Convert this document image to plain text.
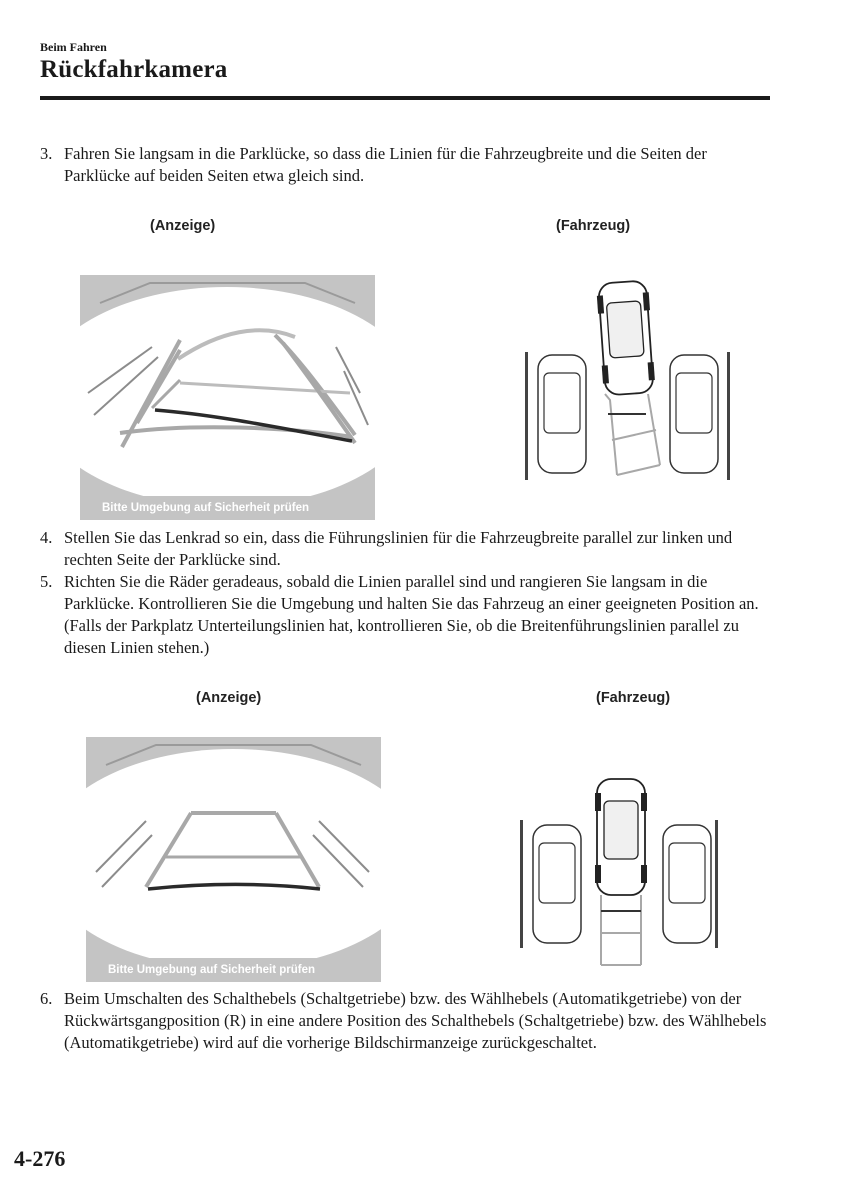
Beim Fahren
Rückfahrkamera
3. Fahren Sie langsam in die Parklücke, so dass die Linien für die Fahrzeugbreite und die Seiten der Parklücke auf beiden Seiten etwa gleich sind.
(Anzeige)	(Fahrzeug)
Bitte Umgebung auf Sicherheit prüfen
4. Stellen Sie das Lenkrad so ein, dass die Führungslinien für die Fahrzeugbreite parallel zur linken und rechten Seite der Parklücke sind.
5. Richten Sie die Räder geradeaus, sobald die Linien parallel sind und rangieren Sie langsam in die Parklücke. Kontrollieren Sie die Umgebung und halten Sie das Fahrzeug an einer geeigneten Position an. (Falls der Parkplatz Unterteilungslinien hat, kontrollieren Sie, ob die Breitenführungslinien parallel zu diesen Linien stehen.)
(Anzeige)	(Fahrzeug)
Bitte Umgebung auf Sicherheit prüfen
6. Beim Umschalten des Schalthebels (Schaltgetriebe) bzw. des Wählhebels (Automatikgetriebe) von der Rückwärtsgangposition (R) in eine andere Position des Schalthebels (Schaltgetriebe) bzw. des Wählhebels (Automatikgetriebe) wird auf die vorherige Bildschirmanzeige zurückgeschaltet.
4-276
